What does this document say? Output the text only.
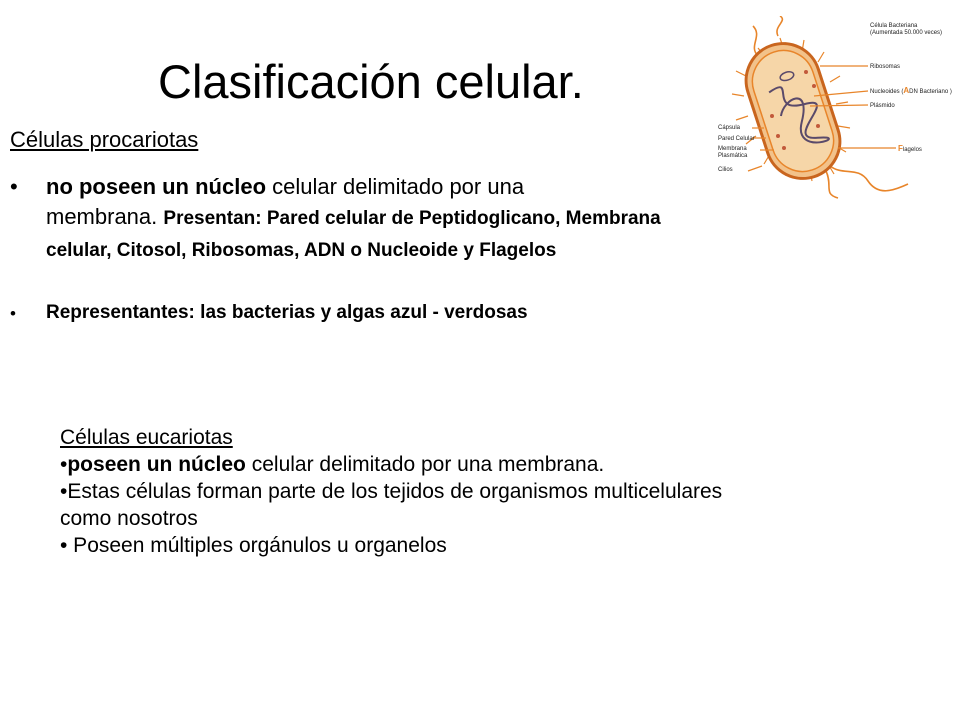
Clasificación celular.
Célula Bacteriana
(Aumentada 50.000 veces)
Ribosomas
Nucleoides (ADN Bacteriano )
Plásmido
Cápsula
Pared Celular
Membrana
Plasmática
Cilios
Flagelos
Células procariotas
• no poseen un núcleo celular delimitado por una
membrana. Presentan: Pared celular de Peptidoglicano, Membrana
celular, Citosol, Ribosomas, ADN o Nucleoide y Flagelos
• Representantes: las bacterias y algas azul - verdosas
Células eucariotas
•poseen un núcleo celular delimitado por una membrana.
•Estas células forman parte de los tejidos de organismos multicelulares
como nosotros
• Poseen múltiples orgánulos u organelos
